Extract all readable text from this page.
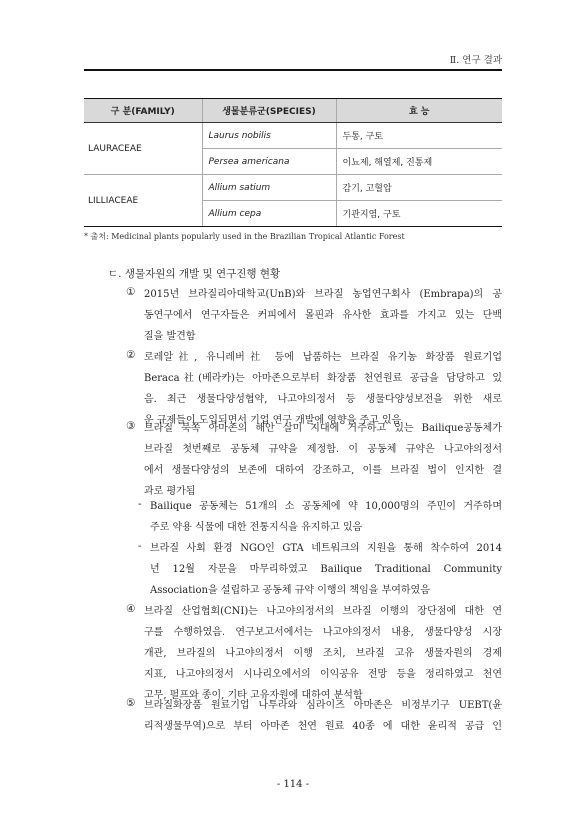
Ⅱ. 연구 결과
구 분(FAMILY)	생물분류군(SPECIES)	효 능
LAURACEAE	Laurus nobilis	두통, 구토
	Persea americana	이뇨제, 해열제, 진통제
LILLIACEAE	Allium satium	감기, 고혈압
	Allium cepa	기관지염, 구토
* 출처: Medicinal plants popularly used in the Brazilian Tropical Atlantic Forest
ㄷ. 생물자원의 개발 및 연구진행 현황
① 2015년 브라질리아대학교(UnB)와 브라질 농업연구회사 (Embrapa)의 공
동연구에서 연구자들은 커피에서 몰핀과 유사한 효과를 가지고 있는 단백
질을 발견함
② 로레알社, 유니레버社 등에 납품하는 브라질 유기농 화장품 원료기업
Beraca社(베라카)는 아마존으로부터 화장품 천연원료 공급을 담당하고 있
음. 최근 생물다양성협약, 나고야의정서 등 생물다양성보전을 위한 새로
운 규제들이 도입되면서 기업 연구 개발에 영향을 주고 있음
③ 브라질 북쪽 아마존의 해안 살미 지대에 거주하고 있는 Bailique공동체가
브라질 첫번째로 공동체 규약을 제정함. 이 공동체 규약은 나고야의정서
에서 생물다양성의 보존에 대하여 강조하고, 이를 브라질 법이 인지한 결
과로 평가됨
- Bailique 공동체는 51개의 소 공동체에 약 10,000명의 주민이 거주하며
주로 약용 식물에 대한 전통지식을 유지하고 있음
- 브라질 사회 환경 NGO인 GTA 네트워크의 지원을 통해 착수하여 2014
년 12월 자문을 마무리하였고 Bailique Traditional Community
Association을 설립하고 공동체 규약 이행의 책임을 부여하였음
④ 브라질 산업협회(CNI)는 나고야의정서의 브라질 이행의 장단점에 대한 연
구를 수행하였음. 연구보고서에서는 나고야의정서 내용, 생물다양성 시장
개관, 브라질의 나고야의정서 이행 조치, 브라질 고유 생물자원의 경제
지표, 나고야의정서 시나리오에서의 이익공유 전망 등을 정리하였고 천연
고무, 펄프와 종이, 기타 고유자원에 대하여 분석함
⑤ 브라질화장품 원료기업 나투라와 심라이즈 아마존은 비정부기구 UEBT(윤
리적생물무역)으로 부터 아마존 천연 원료 40종 에 대한 윤리적 공급 인
- 114 -
